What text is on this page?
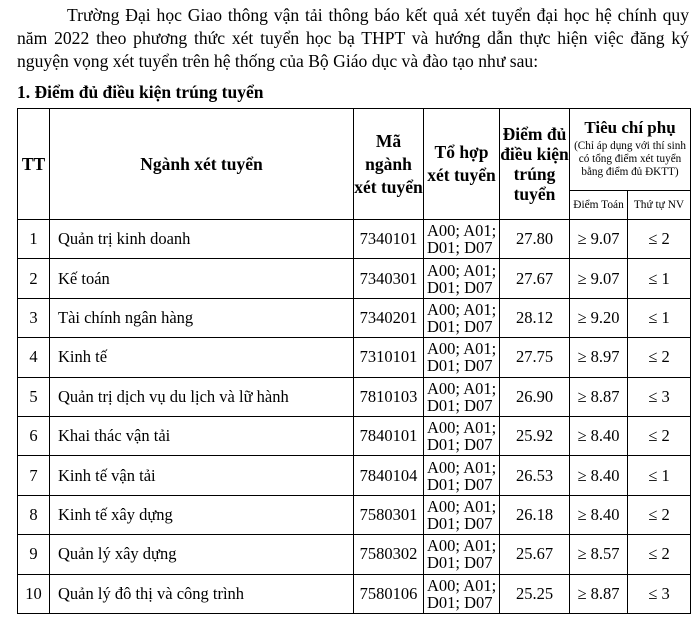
Trường Đại học Giao thông vận tải thông báo kết quả xét tuyển đại học hệ chính quy năm 2022 theo phương thức xét tuyển học bạ THPT và hướng dẫn thực hiện việc đăng ký nguyện vọng xét tuyển trên hệ thống của Bộ Giáo dục và đào tạo như sau:

1. Điểm đủ điều kiện trúng tuyển

TT	Ngành xét tuyển	Mã ngành xét tuyển	Tổ hợp xét tuyển	Điểm đủ điều kiện trúng tuyển	Tiêu chí phụ
(Chỉ áp dụng với thí sinh có tổng điểm xét tuyển bằng điểm đủ ĐKTT)	

					Điểm Toán	Thứ tự NV
1	Quản trị kinh doanh	7340101	A00; A01;
D01; D07	27.80	≥ 9.07	≤ 2
2	Kế toán	7340301	A00; A01;
D01; D07	27.67	≥ 9.07	≤ 1
3	Tài chính ngân hàng	7340201	A00; A01;
D01; D07	28.12	≥ 9.20	≤ 1
4	Kinh tế	7310101	A00; A01;
D01; D07	27.75	≥ 8.97	≤ 2
5	Quản trị dịch vụ du lịch và lữ hành	7810103	A00; A01;
D01; D07	26.90	≥ 8.87	≤ 3
6	Khai thác vận tải	7840101	A00; A01;
D01; D07	25.92	≥ 8.40	≤ 2
7	Kinh tế vận tải	7840104	A00; A01;
D01; D07	26.53	≥ 8.40	≤ 1
8	Kinh tế xây dựng	7580301	A00; A01;
D01; D07	26.18	≥ 8.40	≤ 2
9	Quản lý xây dựng	7580302	A00; A01;
D01; D07	25.67	≥ 8.57	≤ 2
10	Quản lý đô thị và công trình	7580106	A00; A01;
D01; D07	25.25	≥ 8.87	≤ 3
